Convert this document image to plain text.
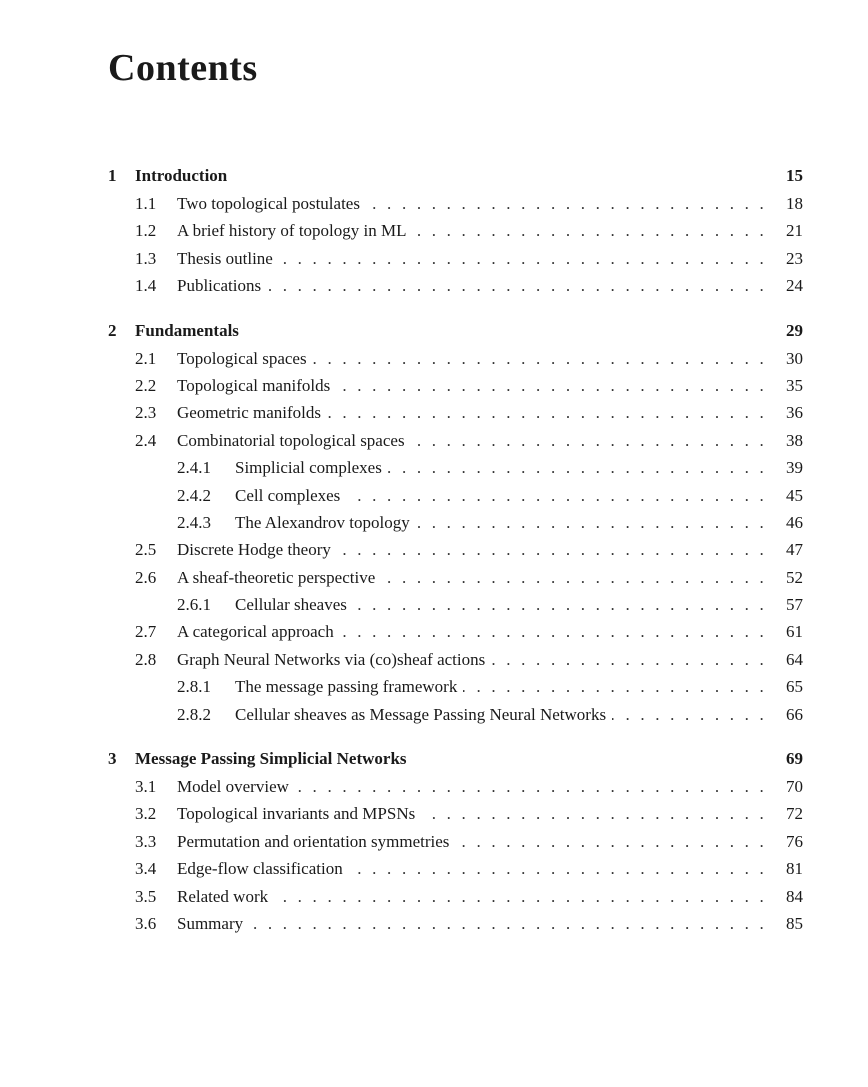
Contents
1	Introduction	15
1.1	Two topological postulates . . .	18
1.2	A brief history of topology in ML . . .	21
1.3	Thesis outline . . .	23
1.4	Publications . . .	24
2	Fundamentals	29
2.1	Topological spaces . . .	30
2.2	Topological manifolds . . .	35
2.3	Geometric manifolds . . .	36
2.4	Combinatorial topological spaces . . .	38
2.4.1	Simplicial complexes . . .	39
2.4.2	Cell complexes . . .	45
2.4.3	The Alexandrov topology . . .	46
2.5	Discrete Hodge theory . . .	47
2.6	A sheaf-theoretic perspective . . .	52
2.6.1	Cellular sheaves . . .	57
2.7	A categorical approach . . .	61
2.8	Graph Neural Networks via (co)sheaf actions . . .	64
2.8.1	The message passing framework . . .	65
2.8.2	Cellular sheaves as Message Passing Neural Networks . . .	66
3	Message Passing Simplicial Networks	69
3.1	Model overview . . .	70
3.2	Topological invariants and MPSNs . . .	72
3.3	Permutation and orientation symmetries . . .	76
3.4	Edge-flow classification . . .	81
3.5	Related work . . .	84
3.6	Summary . . .	85
